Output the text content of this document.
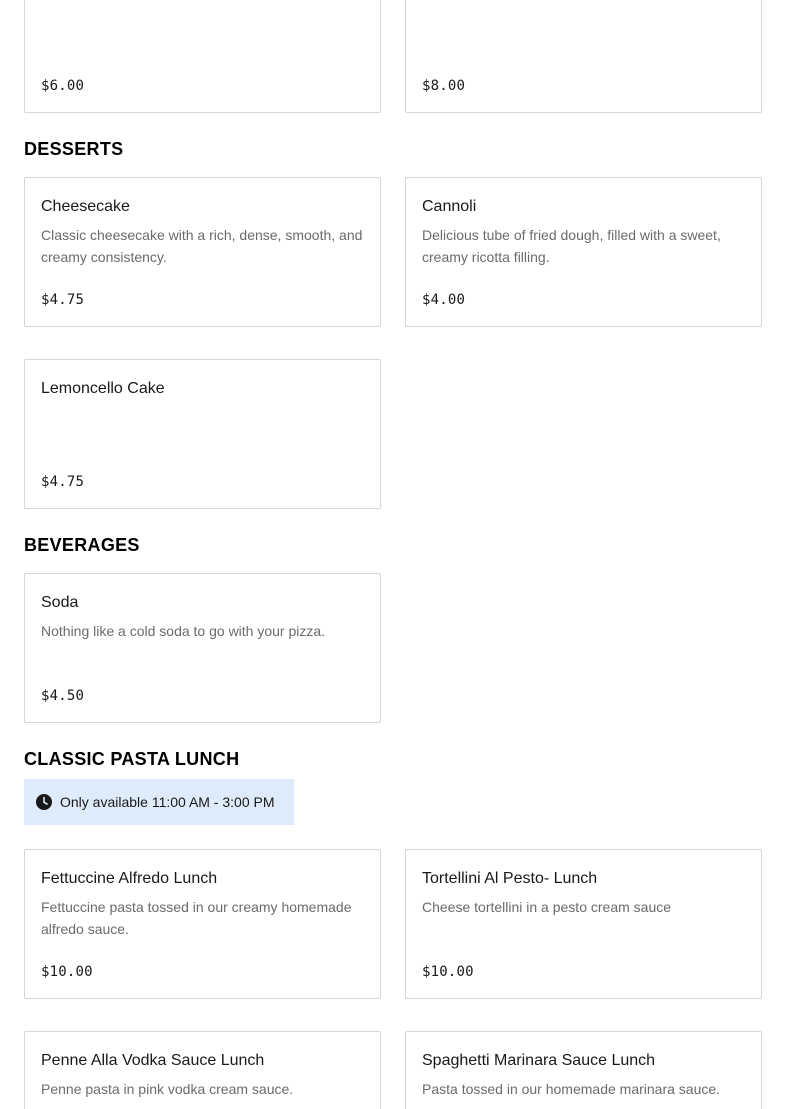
$6.00	$8.00
DESSERTS
Cheesecake
Classic cheesecake with a rich, dense, smooth, and creamy consistency.
$4.75
Cannoli
Delicious tube of fried dough, filled with a sweet, creamy ricotta filling.
$4.00
Lemoncello Cake
$4.75
BEVERAGES
Soda
Nothing like a cold soda to go with your pizza.
$4.50
CLASSIC PASTA LUNCH
Only available 11:00 AM - 3:00 PM
Fettuccine Alfredo Lunch
Fettuccine pasta tossed in our creamy homemade alfredo sauce.
$10.00
Tortellini Al Pesto- Lunch
Cheese tortellini in a pesto cream sauce
$10.00
Penne Alla Vodka Sauce Lunch
Penne pasta in pink vodka cream sauce.
Spaghetti Marinara Sauce Lunch
Pasta tossed in our homemade marinara sauce.
